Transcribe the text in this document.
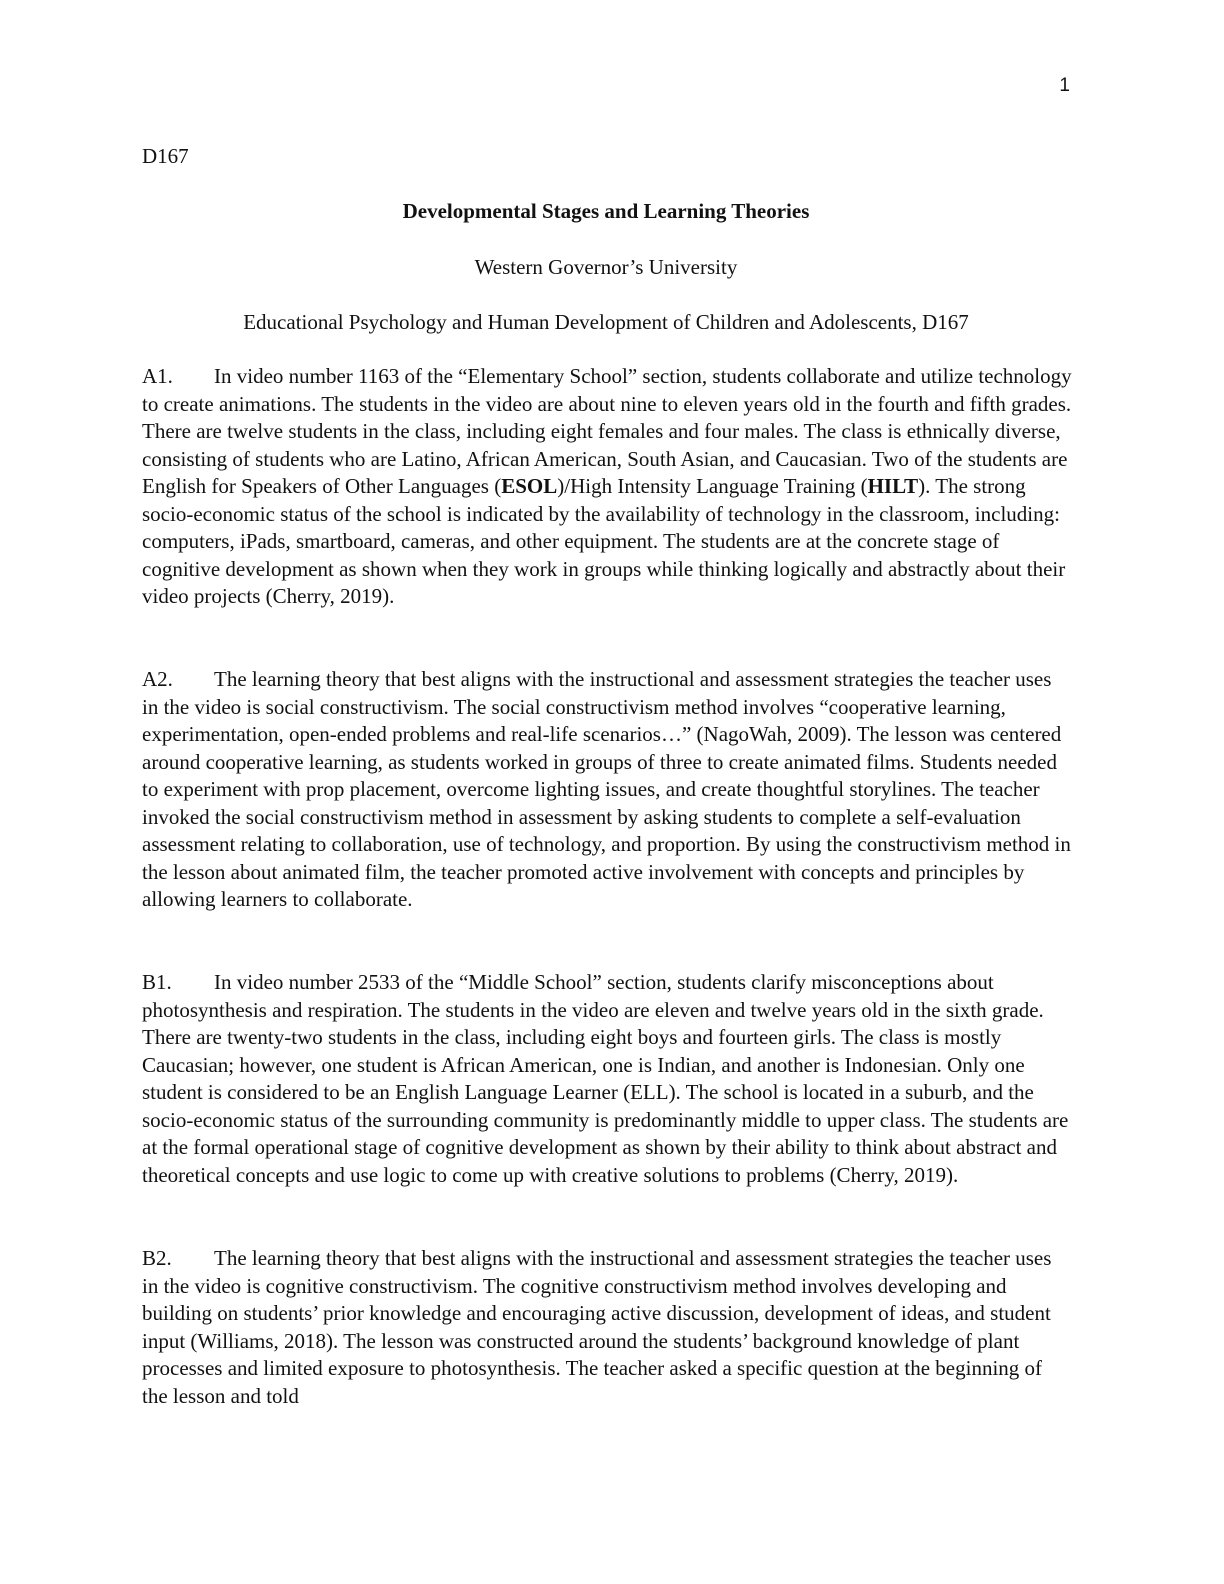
1
D167
Developmental Stages and Learning Theories
Western Governor’s University
Educational Psychology and Human Development of Children and Adolescents, D167

A1. In video number 1163 of the “Elementary School” section, students collaborate and utilize technology to create animations. The students in the video are about nine to eleven years old in the fourth and fifth grades. There are twelve students in the class, including eight females and four males. The class is ethnically diverse, consisting of students who are Latino, African American, South Asian, and Caucasian. Two of the students are English for Speakers of Other Languages (ESOL)/High Intensity Language Training (HILT). The strong socio-economic status of the school is indicated by the availability of technology in the classroom, including: computers, iPads, smartboard, cameras, and other equipment. The students are at the concrete stage of cognitive development as shown when they work in groups while thinking logically and abstractly about their video projects (Cherry, 2019).

A2. The learning theory that best aligns with the instructional and assessment strategies the teacher uses in the video is social constructivism. The social constructivism method involves “cooperative learning, experimentation, open-ended problems and real-life scenarios…” (NagoWah, 2009). The lesson was centered around cooperative learning, as students worked in groups of three to create animated films. Students needed to experiment with prop placement, overcome lighting issues, and create thoughtful storylines. The teacher invoked the social constructivism method in assessment by asking students to complete a self-evaluation assessment relating to collaboration, use of technology, and proportion. By using the constructivism method in the lesson about animated film, the teacher promoted active involvement with concepts and principles by allowing learners to collaborate.

B1. In video number 2533 of the “Middle School” section, students clarify misconceptions about photosynthesis and respiration. The students in the video are eleven and twelve years old in the sixth grade. There are twenty-two students in the class, including eight boys and fourteen girls. The class is mostly Caucasian; however, one student is African American, one is Indian, and another is Indonesian. Only one student is considered to be an English Language Learner (ELL). The school is located in a suburb, and the socio-economic status of the surrounding community is predominantly middle to upper class. The students are at the formal operational stage of cognitive development as shown by their ability to think about abstract and theoretical concepts and use logic to come up with creative solutions to problems (Cherry, 2019).

B2. The learning theory that best aligns with the instructional and assessment strategies the teacher uses in the video is cognitive constructivism. The cognitive constructivism method involves developing and building on students’ prior knowledge and encouraging active discussion, development of ideas, and student input (Williams, 2018). The lesson was constructed around the students’ background knowledge of plant processes and limited exposure to photosynthesis. The teacher asked a specific question at the beginning of the lesson and told
